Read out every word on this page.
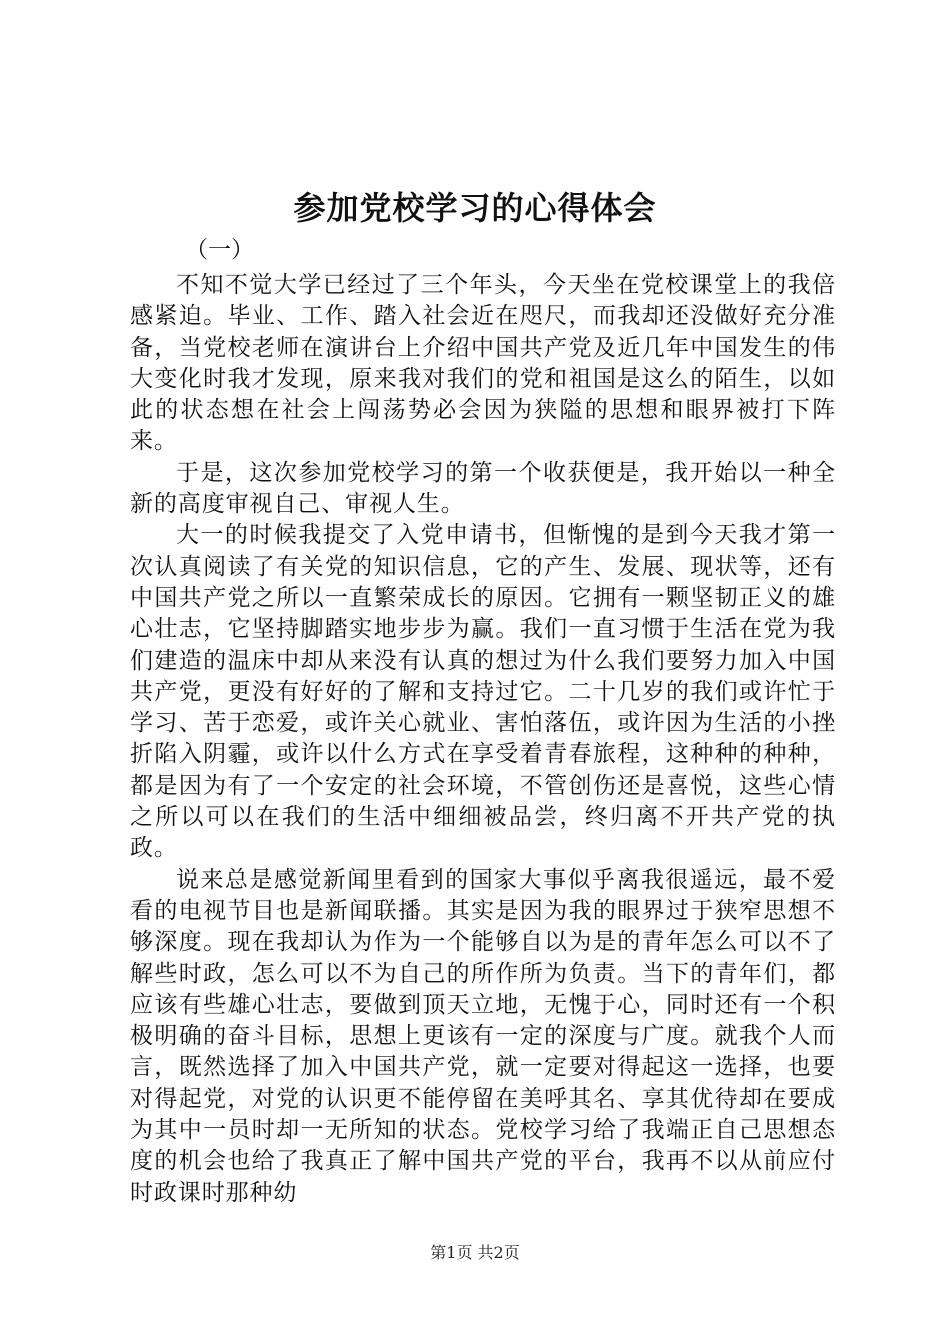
参加党校学习的心得体会
（一）

不知不觉大学已经过了三个年头，今天坐在党校课堂上的我倍感紧迫。毕业、工作、踏入社会近在咫尺，而我却还没做好充分准备，当党校老师在演讲台上介绍中国共产党及近几年中国发生的伟大变化时我才发现，原来我对我们的党和祖国是这么的陌生，以如此的状态想在社会上闯荡势必会因为狭隘的思想和眼界被打下阵来。

于是，这次参加党校学习的第一个收获便是，我开始以一种全新的高度审视自己、审视人生。

大一的时候我提交了入党申请书，但惭愧的是到今天我才第一次认真阅读了有关党的知识信息，它的产生、发展、现状等，还有中国共产党之所以一直繁荣成长的原因。它拥有一颗坚韧正义的雄心壮志，它坚持脚踏实地步步为赢。我们一直习惯于生活在党为我们建造的温床中却从来没有认真的想过为什么我们要努力加入中国共产党，更没有好好的了解和支持过它。二十几岁的我们或许忙于学习、苦于恋爱，或许关心就业、害怕落伍，或许因为生活的小挫折陷入阴霾，或许以什么方式在享受着青春旅程，这种种的种种，都是因为有了一个安定的社会环境，不管创伤还是喜悦，这些心情之所以可以在我们的生活中细细被品尝，终归离不开共产党的执政。

说来总是感觉新闻里看到的国家大事似乎离我很遥远，最不爱看的电视节目也是新闻联播。其实是因为我的眼界过于狭窄思想不够深度。现在我却认为作为一个能够自以为是的青年怎么可以不了解些时政，怎么可以不为自己的所作所为负责。当下的青年们，都应该有些雄心壮志，要做到顶天立地，无愧于心，同时还有一个积极明确的奋斗目标，思想上更该有一定的深度与广度。就我个人而言，既然选择了加入中国共产党，就一定要对得起这一选择，也要对得起党，对党的认识更不能停留在美呼其名、享其优待却在要成为其中一员时却一无所知的状态。党校学习给了我端正自己思想态度的机会也给了我真正了解中国共产党的平台，我再不以从前应付时政课时那种幼

第1页 共2页
